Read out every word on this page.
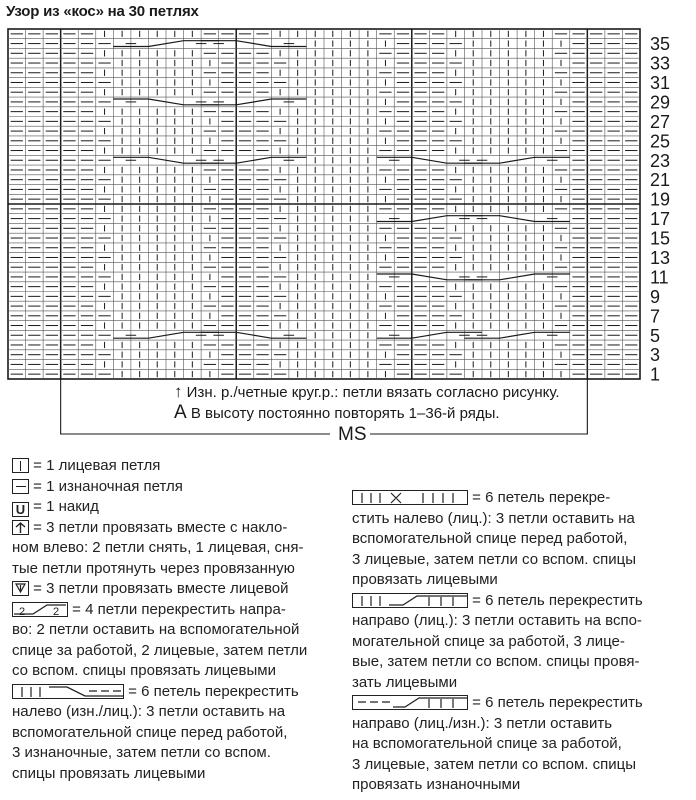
Узор из «кос» на 30 петлях
35
33
31
29
27
25
23
21
19
17
15
13
11
9
7
5
3
1
↑ Изн. р./четные круг.р.: петли вязать согласно рисунку.
A В высоту постоянно повторять 1–36-й ряды.
MS
= 1 лицевая петля
= 1 изнаночная петля
U = 1 накид
= 3 петли провязать вместе с накло-
ном влево: 2 петли снять, 1 лицевая, сня-
тые петли протянуть через провязанную
= 3 петли провязать вместе лицевой
2	2 = 4 петли перекрестить напра-
во: 2 петли оставить на вспомогательной
спице за работой, 2 лицевые, затем петли
со вспом. спицы провязать лицевыми
= 6 петель перекрестить
налево (изн./лиц.): 3 петли оставить на
вспомогательной спице перед работой,
3 изнаночные, затем петли со вспом.
спицы провязать лицевыми
= 6 петель перекре-
стить налево (лиц.): 3 петли оставить на
вспомогательной спице перед работой,
3 лицевые, затем петли со вспом. спицы
провязать лицевыми
= 6 петель перекрестить
направо (лиц.): 3 петли оставить на вспо-
могательной спице за работой, 3 лице-
вые, затем петли со вспом. спицы провя-
зать лицевыми
= 6 петель перекрестить
направо (лиц./изн.): 3 петли оставить
на вспомогательной спице за работой,
3 лицевые, затем петли со вспом. спицы
провязать изнаночными
